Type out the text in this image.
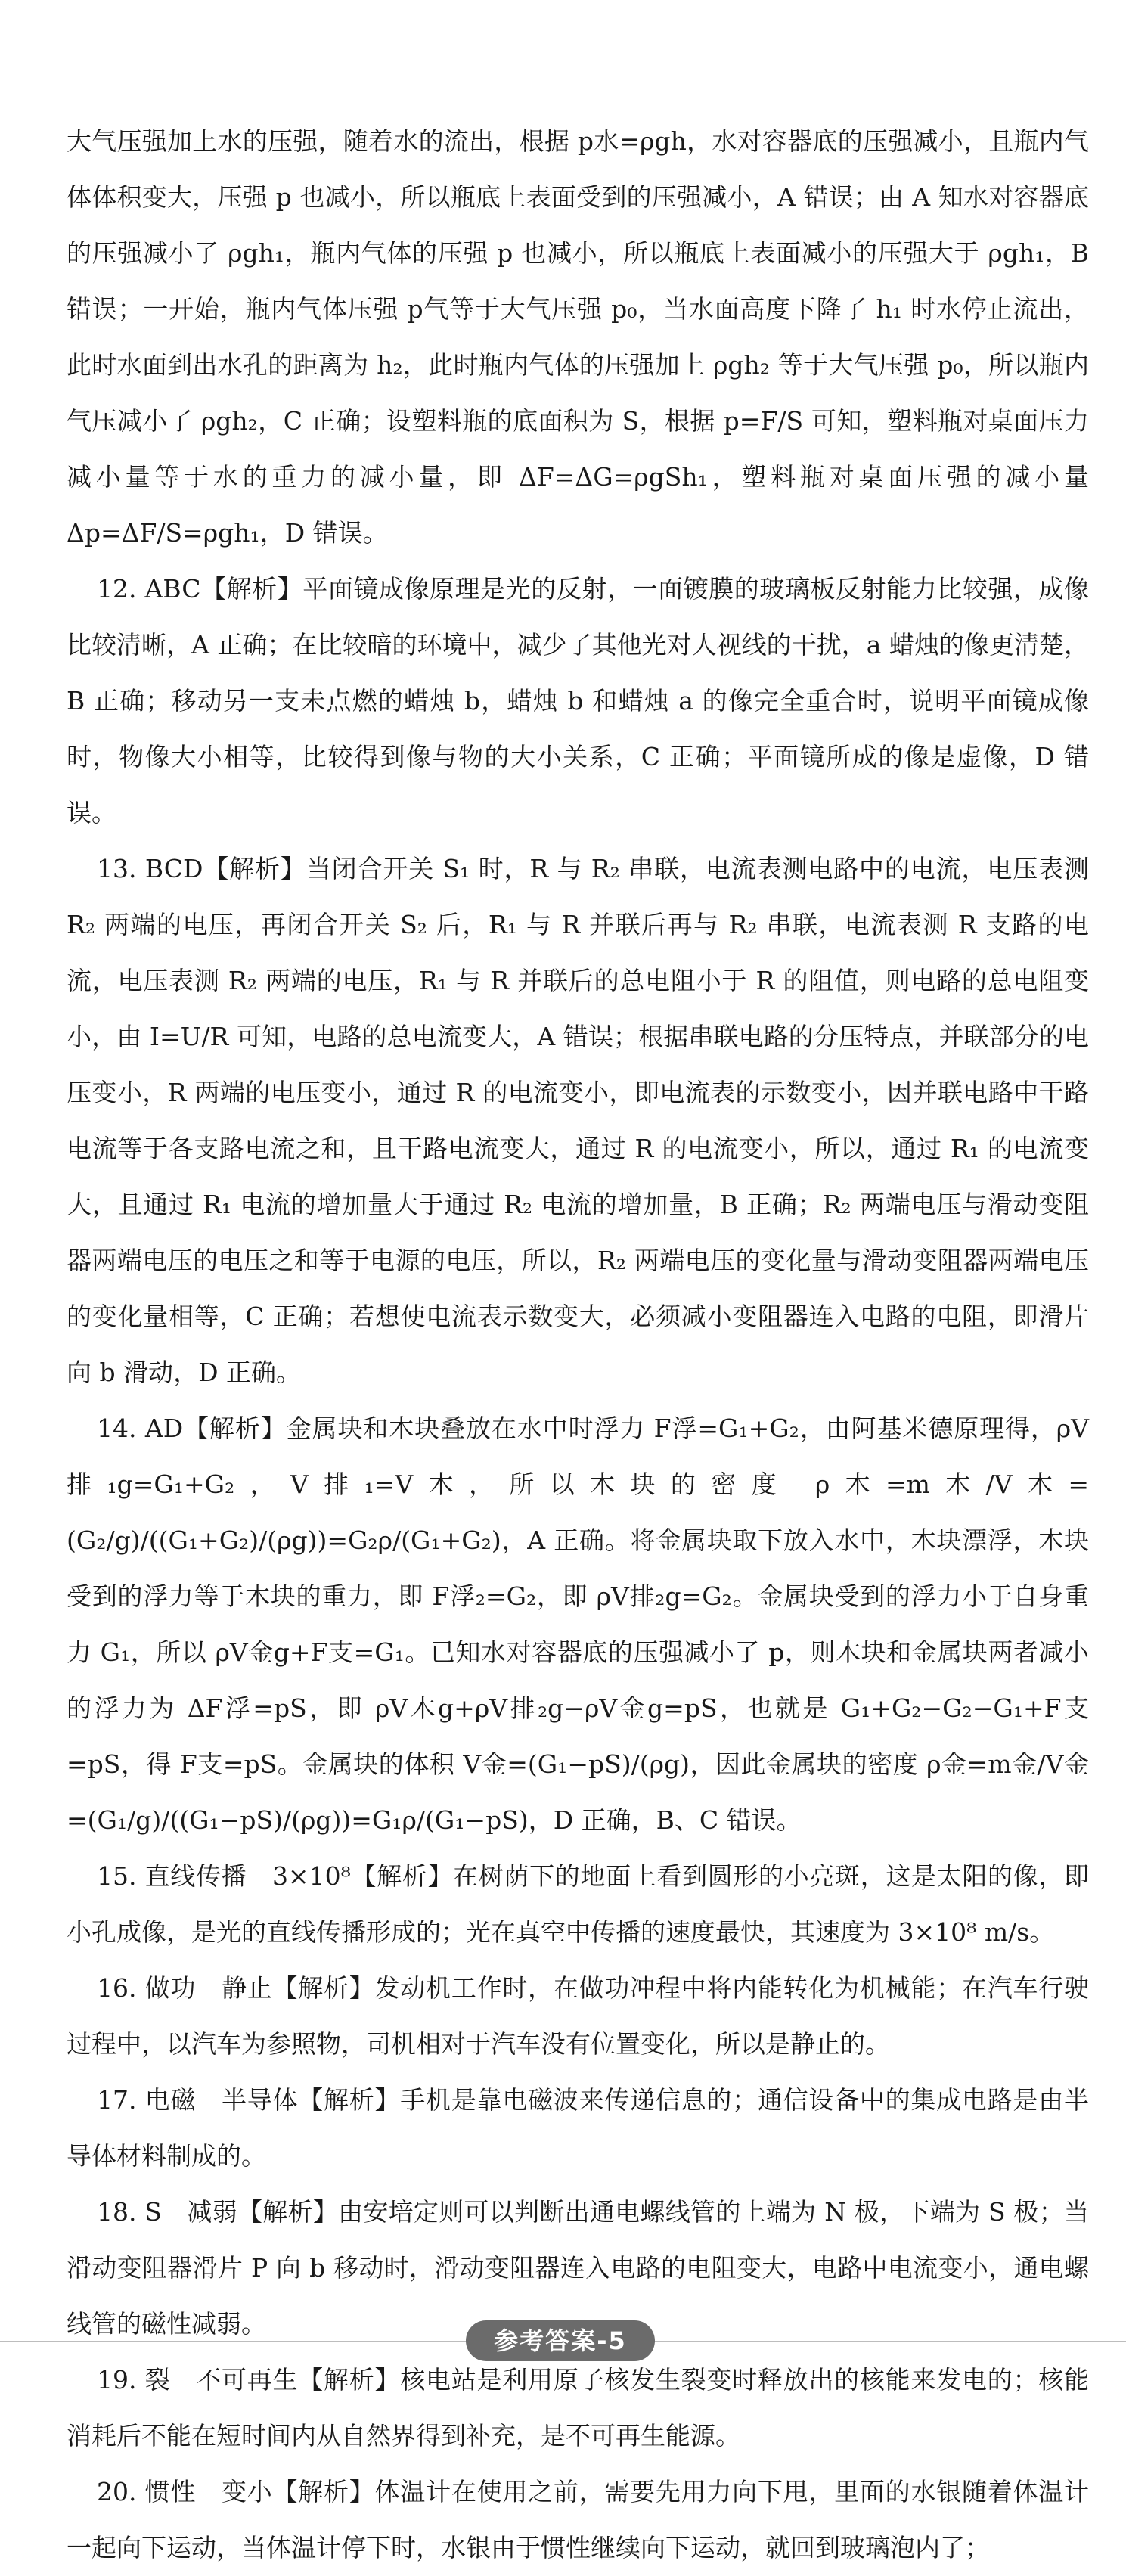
大气压强加上水的压强，随着水的流出，根据 p水=ρgh，水对容器底的压强减小，且瓶内气体体积变大，压强 p 也减小，所以瓶底上表面受到的压强减小，A 错误；由 A 知水对容器底的压强减小了 ρgh₁，瓶内气体的压强 p 也减小，所以瓶底上表面减小的压强大于 ρgh₁，B 错误；一开始，瓶内气体压强 p气等于大气压强 p₀，当水面高度下降了 h₁ 时水停止流出，此时水面到出水孔的距离为 h₂，此时瓶内气体的压强加上 ρgh₂ 等于大气压强 p₀，所以瓶内气压减小了 ρgh₂，C 正确；设塑料瓶的底面积为 S，根据 p=F/S 可知，塑料瓶对桌面压力减小量等于水的重力的减小量，即 ΔF=ΔG=ρgSh₁，塑料瓶对桌面压强的减小量 Δp=ΔF/S=ρgh₁，D 错误。

12. ABC【解析】平面镜成像原理是光的反射，一面镀膜的玻璃板反射能力比较强，成像比较清晰，A 正确；在比较暗的环境中，减少了其他光对人视线的干扰，a 蜡烛的像更清楚，B 正确；移动另一支未点燃的蜡烛 b，蜡烛 b 和蜡烛 a 的像完全重合时，说明平面镜成像时，物像大小相等，比较得到像与物的大小关系，C 正确；平面镜所成的像是虚像，D 错误。

13. BCD【解析】当闭合开关 S₁ 时，R 与 R₂ 串联，电流表测电路中的电流，电压表测 R₂ 两端的电压，再闭合开关 S₂ 后，R₁ 与 R 并联后再与 R₂ 串联，电流表测 R 支路的电流，电压表测 R₂ 两端的电压，R₁ 与 R 并联后的总电阻小于 R 的阻值，则电路的总电阻变小，由 I=U/R 可知，电路的总电流变大，A 错误；根据串联电路的分压特点，并联部分的电压变小，R 两端的电压变小，通过 R 的电流变小，即电流表的示数变小，因并联电路中干路电流等于各支路电流之和，且干路电流变大，通过 R 的电流变小，所以，通过 R₁ 的电流变大，且通过 R₁ 电流的增加量大于通过 R₂ 电流的增加量，B 正确；R₂ 两端电压与滑动变阻器两端电压的电压之和等于电源的电压，所以，R₂ 两端电压的变化量与滑动变阻器两端电压的变化量相等，C 正确；若想使电流表示数变大，必须减小变阻器连入电路的电阻，即滑片向 b 滑动，D 正确。

14. AD【解析】金属块和木块叠放在水中时浮力 F浮=G₁+G₂，由阿基米德原理得，ρV排₁g=G₁+G₂，V排₁=V木，所以木块的密度 ρ木=m木/V木=(G₂/g)/((G₁+G₂)/(ρg))=G₂ρ/(G₁+G₂)，A 正确。将金属块取下放入水中，木块漂浮，木块受到的浮力等于木块的重力，即 F浮₂=G₂，即 ρV排₂g=G₂。金属块受到的浮力小于自身重力 G₁，所以 ρV金g+F支=G₁。已知水对容器底的压强减小了 p，则木块和金属块两者减小的浮力为 ΔF浮=pS，即 ρV木g+ρV排₂g−ρV金g=pS，也就是 G₁+G₂−G₂−G₁+F支=pS，得 F支=pS。金属块的体积 V金=(G₁−pS)/(ρg)，因此金属块的密度 ρ金=m金/V金=(G₁/g)/((G₁−pS)/(ρg))=G₁ρ/(G₁−pS)，D 正确，B、C 错误。

15. 直线传播　3×10⁸【解析】在树荫下的地面上看到圆形的小亮斑，这是太阳的像，即小孔成像，是光的直线传播形成的；光在真空中传播的速度最快，其速度为 3×10⁸ m/s。

16. 做功　静止【解析】发动机工作时，在做功冲程中将内能转化为机械能；在汽车行驶过程中，以汽车为参照物，司机相对于汽车没有位置变化，所以是静止的。

17. 电磁　半导体【解析】手机是靠电磁波来传递信息的；通信设备中的集成电路是由半导体材料制成的。

18. S　减弱【解析】由安培定则可以判断出通电螺线管的上端为 N 极，下端为 S 极；当滑动变阻器滑片 P 向 b 移动时，滑动变阻器连入电路的电阻变大，电路中电流变小，通电螺线管的磁性减弱。

19. 裂　不可再生【解析】核电站是利用原子核发生裂变时释放出的核能来发电的；核能消耗后不能在短时间内从自然界得到补充，是不可再生能源。

20. 惯性　变小【解析】体温计在使用之前，需要先用力向下甩，里面的水银随着体温计一起向下运动，当体温计停下时，水银由于惯性继续向下运动，就回到玻璃泡内了；

参考答案-5
